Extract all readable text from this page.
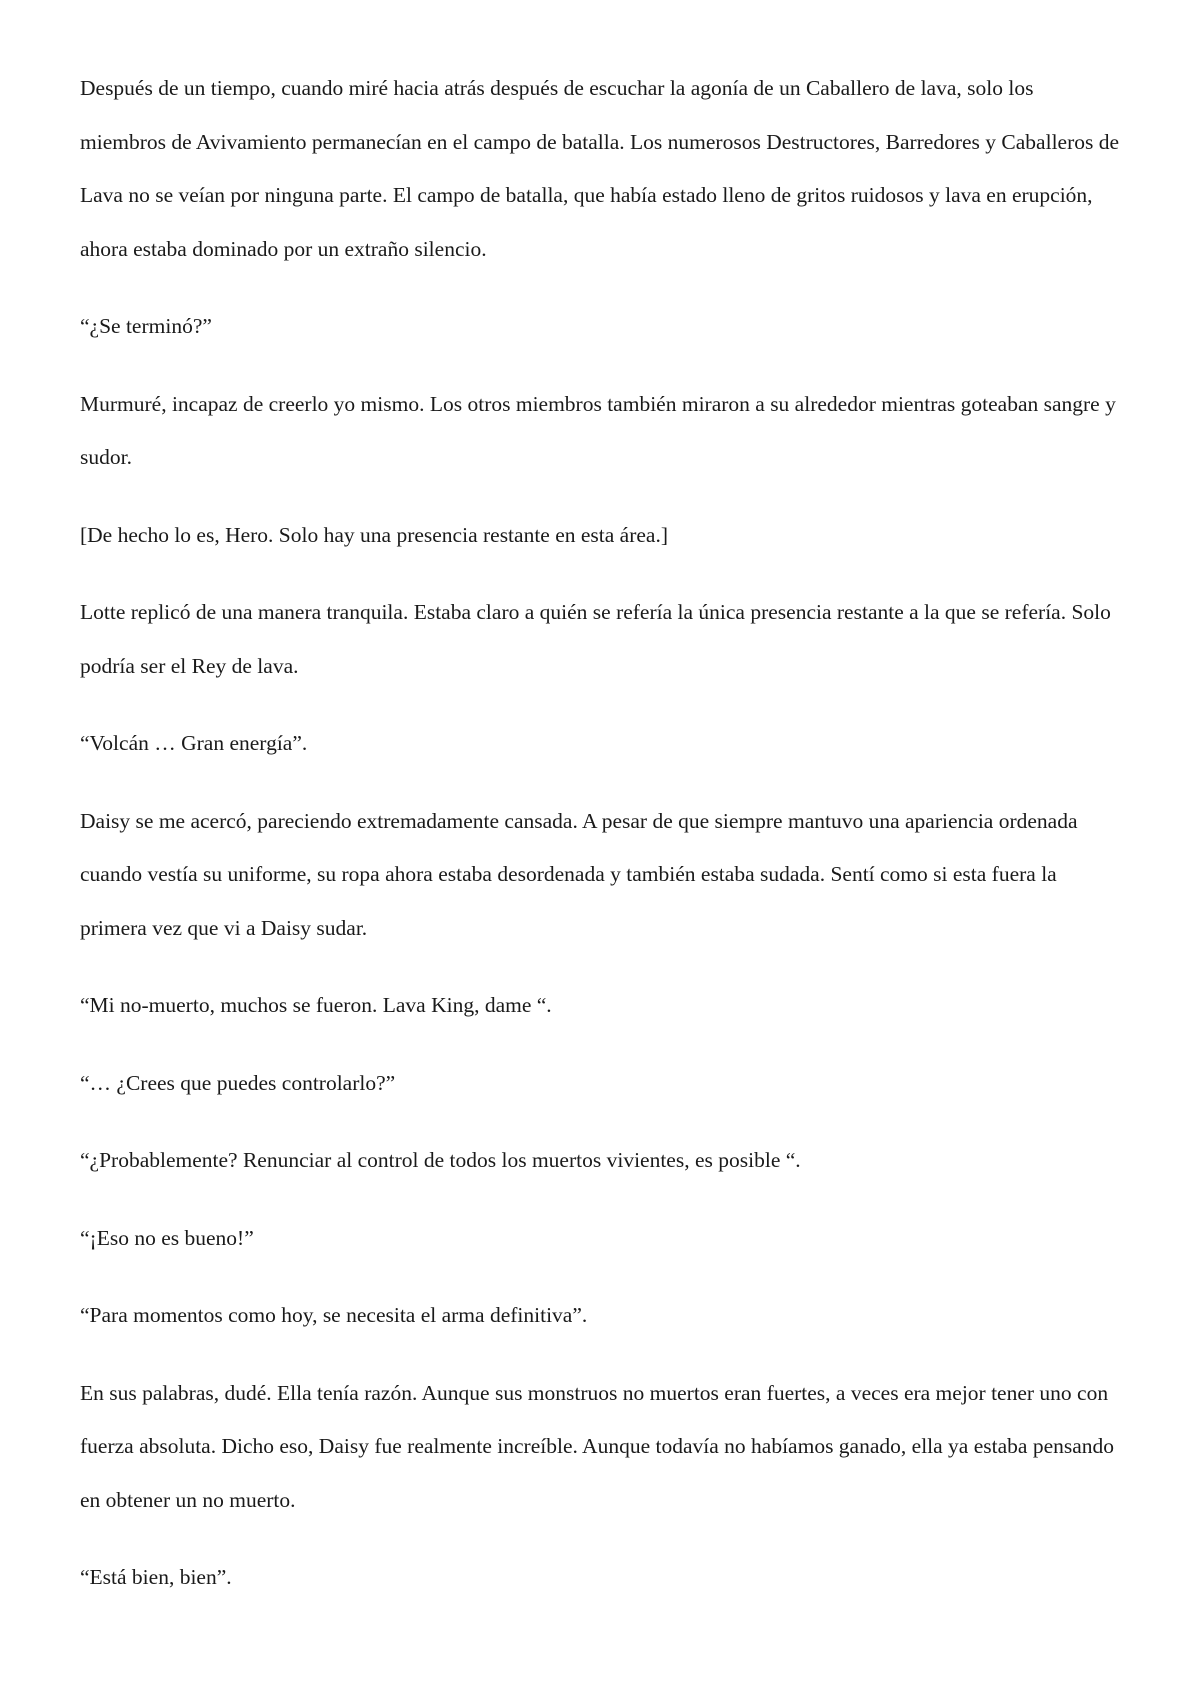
Después de un tiempo, cuando miré hacia atrás después de escuchar la agonía de un Caballero de lava, solo los miembros de Avivamiento permanecían en el campo de batalla. Los numerosos Destructores, Barredores y Caballeros de Lava no se veían por ninguna parte. El campo de batalla, que había estado lleno de gritos ruidosos y lava en erupción, ahora estaba dominado por un extraño silencio.

“¿Se terminó?”

Murmuré, incapaz de creerlo yo mismo. Los otros miembros también miraron a su alrededor mientras goteaban sangre y sudor.

[De hecho lo es, Hero. Solo hay una presencia restante en esta área.]

Lotte replicó de una manera tranquila. Estaba claro a quién se refería la única presencia restante a la que se refería. Solo podría ser el Rey de lava.

“Volcán … Gran energía”.

Daisy se me acercó, pareciendo extremadamente cansada. A pesar de que siempre mantuvo una apariencia ordenada cuando vestía su uniforme, su ropa ahora estaba desordenada y también estaba sudada. Sentí como si esta fuera la primera vez que vi a Daisy sudar.

“Mi no-muerto, muchos se fueron. Lava King, dame “.

“… ¿Crees que puedes controlarlo?”

“¿Probablemente? Renunciar al control de todos los muertos vivientes, es posible “.

“¡Eso no es bueno!”

“Para momentos como hoy, se necesita el arma definitiva”.

En sus palabras, dudé. Ella tenía razón. Aunque sus monstruos no muertos eran fuertes, a veces era mejor tener uno con fuerza absoluta. Dicho eso, Daisy fue realmente increíble. Aunque todavía no habíamos ganado, ella ya estaba pensando en obtener un no muerto.

“Está bien, bien”.
